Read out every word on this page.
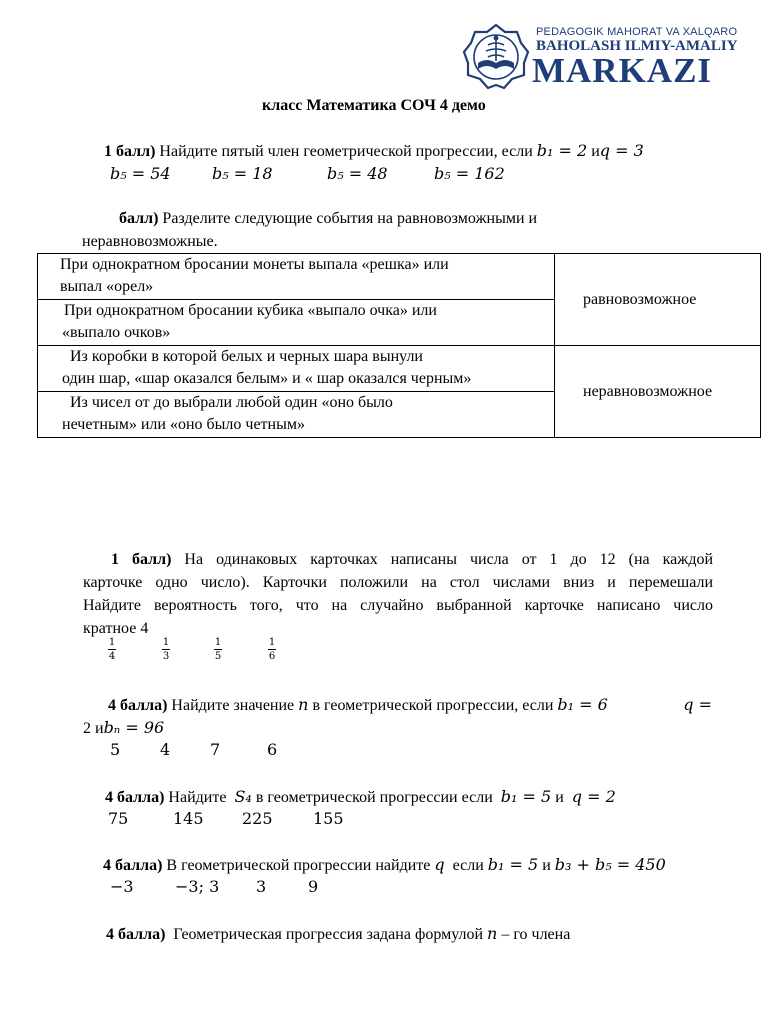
PEDAGOGIK MAHORAT VA XALQARO
BAHOLASH ILMIY-AMALIY
MARKAZI
класс Математика СОЧ 4 демо
1 балл) Найдите пятый член геометрической прогрессии, если b₁ = 2 иq = 3
b₅ = 54	b₅ = 18	b₅ = 48	b₅ = 162
балл) Разделите следующие события на равновозможными и
неравновозможные.
При однократном бросании монеты выпала «решка» или
выпал «орел»	равновозможное

При однократном бросании кубика «выпало очка» или
«выпало очков»	

Из коробки в которой белых и черных шара вынули
один шар, «шар оказался белым» и « шар оказался черным»	неравновозможное

Из чисел от до выбрали любой один «оно было
нечетным» или «оно было четным»	
1 балл) На одинаковых карточках написаны числа от 1 до 12 (на каждой
карточке одно число). Карточки положили на стол числами вниз и перемешали
Найдите вероятность того, что на случайно выбранной карточке написано число
кратное 4
1
4
1
3
1
5
1
6
4 балла) Найдите значение n в геометрической прогрессии, если b₁ = 6	q =
2 иbₙ = 96
5 4 7	6
4 балла) Найдите S₄ в геометрической прогрессии если b₁ = 5 и q = 2
75	145 225	155
4 балла) В геометрической прогрессии найдите q если b₁ = 5 и b₃ + b₅ = 450
−3	−3; 3 3	9
4 балла) Геометрическая прогрессия задана формулой n – го члена
